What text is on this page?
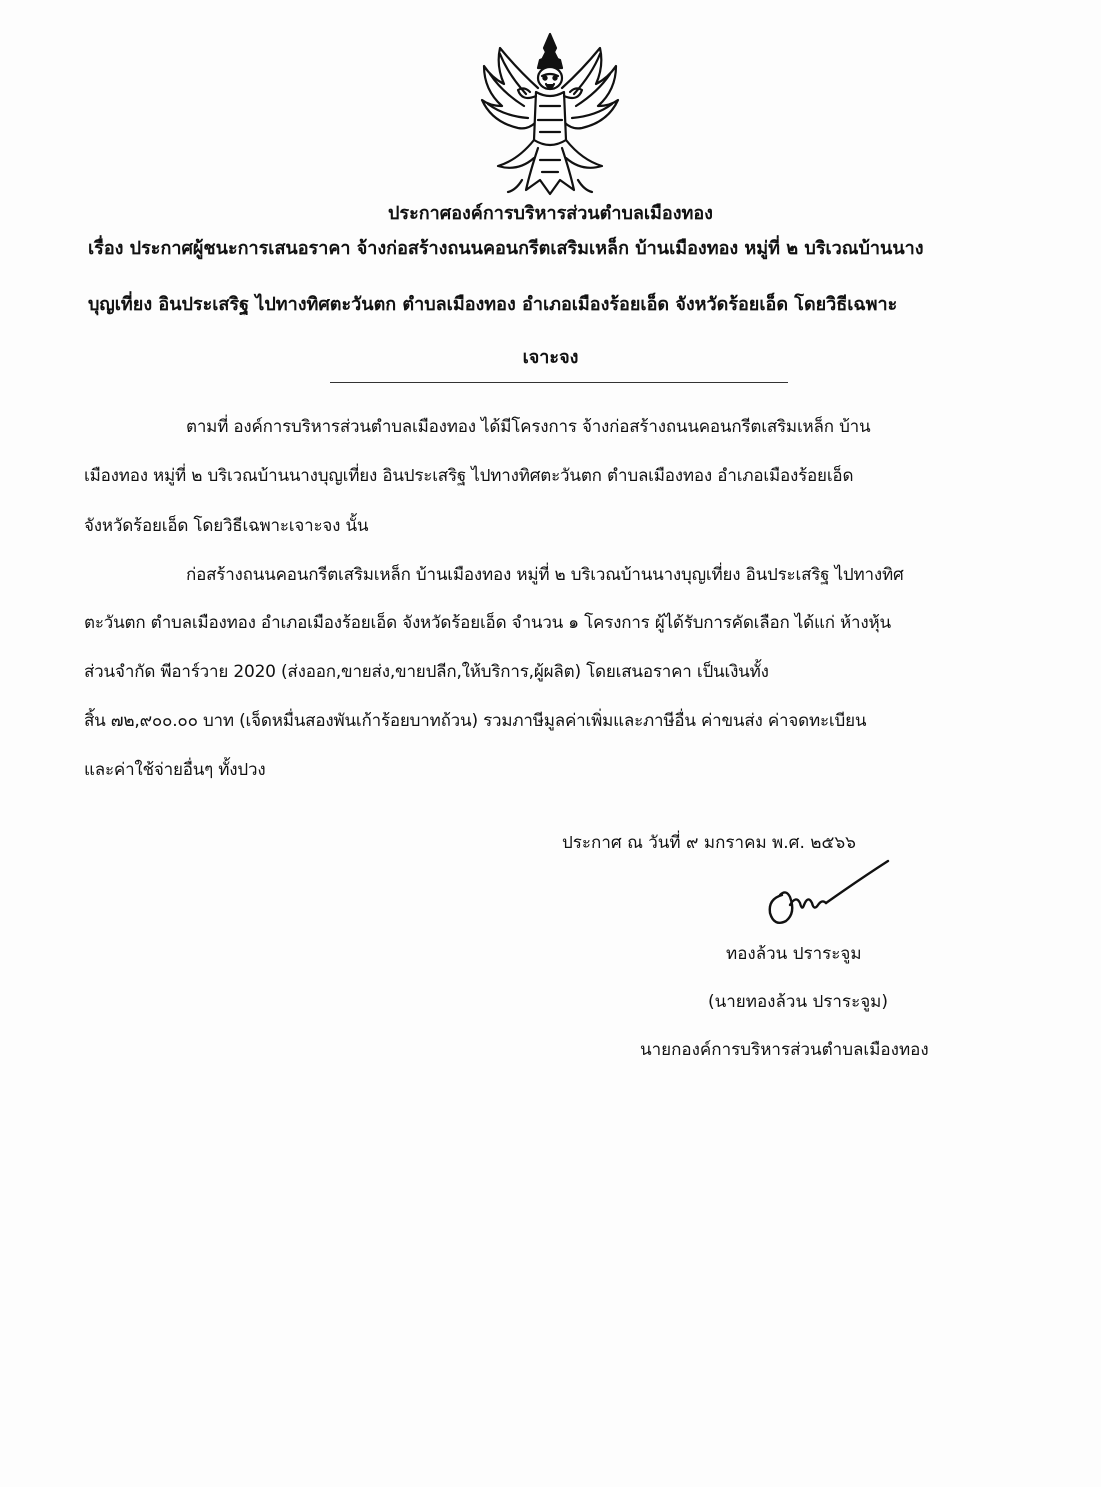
ประกาศองค์การบริหารส่วนตำบลเมืองทอง
เรื่อง ประกาศผู้ชนะการเสนอราคา จ้างก่อสร้างถนนคอนกรีตเสริมเหล็ก บ้านเมืองทอง หมู่ที่ ๒ บริเวณบ้านนาง
บุญเที่ยง อินประเสริฐ ไปทางทิศตะวันตก ตำบลเมืองทอง อำเภอเมืองร้อยเอ็ด จังหวัดร้อยเอ็ด โดยวิธีเฉพาะ
เจาะจง
ตามที่ องค์การบริหารส่วนตำบลเมืองทอง ได้มีโครงการ จ้างก่อสร้างถนนคอนกรีตเสริมเหล็ก บ้าน
เมืองทอง หมู่ที่ ๒ บริเวณบ้านนางบุญเที่ยง อินประเสริฐ ไปทางทิศตะวันตก ตำบลเมืองทอง อำเภอเมืองร้อยเอ็ด
จังหวัดร้อยเอ็ด โดยวิธีเฉพาะเจาะจง นั้น
ก่อสร้างถนนคอนกรีตเสริมเหล็ก บ้านเมืองทอง หมู่ที่ ๒ บริเวณบ้านนางบุญเที่ยง อินประเสริฐ ไปทางทิศ
ตะวันตก ตำบลเมืองทอง อำเภอเมืองร้อยเอ็ด จังหวัดร้อยเอ็ด จำนวน ๑ โครงการ ผู้ได้รับการคัดเลือก ได้แก่ ห้างหุ้น
ส่วนจำกัด พีอาร์วาย 2020 (ส่งออก,ขายส่ง,ขายปลีก,ให้บริการ,ผู้ผลิต) โดยเสนอราคา เป็นเงินทั้ง
สิ้น ๗๒,๙๐๐.๐๐ บาท (เจ็ดหมื่นสองพันเก้าร้อยบาทถ้วน) รวมภาษีมูลค่าเพิ่มและภาษีอื่น ค่าขนส่ง ค่าจดทะเบียน
และค่าใช้จ่ายอื่นๆ ทั้งปวง
ประกาศ ณ วันที่ ๙ มกราคม พ.ศ. ๒๕๖๖
ทองล้วน ปราระจูม
(นายทองล้วน ปราระจูม)
นายกองค์การบริหารส่วนตำบลเมืองทอง
